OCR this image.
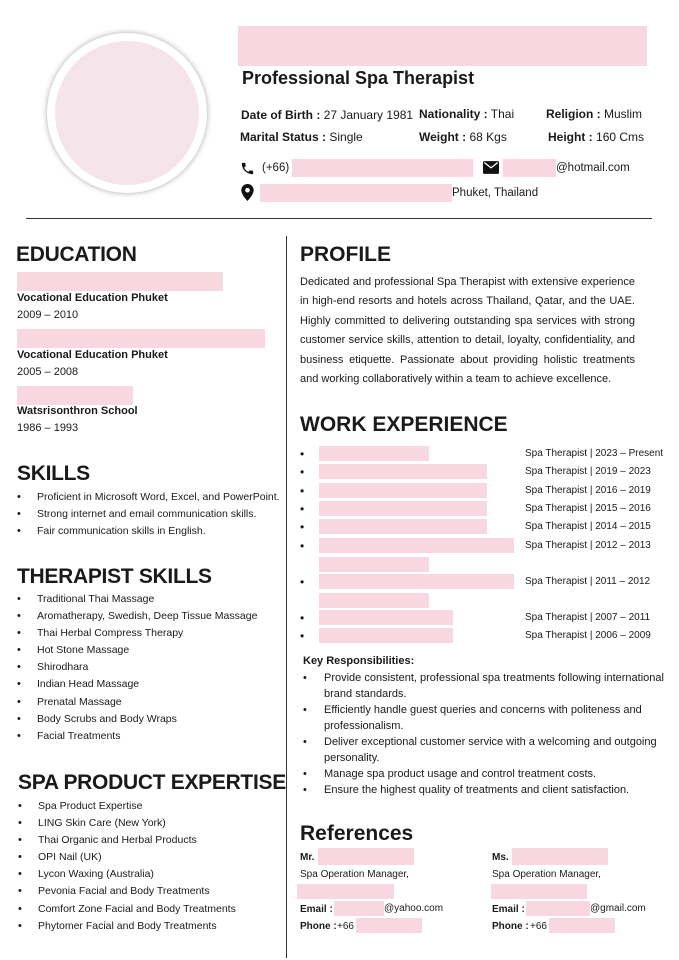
Professional Spa Therapist
Date of Birth : 27 January 1981 Nationality : Thai	Religion : Muslim
Marital Status : Single	Weight : 68 Kgs	Height : 160 Cms
(+66)	@hotmail.com
Phuket, Thailand
EDUCATION
Vocational Education Phuket
2009 – 2010
Vocational Education Phuket
2005 – 2008
Watsrisonthron School
1986 – 1993
SKILLS
• Proficient in Microsoft Word, Excel, and PowerPoint.
• Strong internet and email communication skills.
• Fair communication skills in English.
THERAPIST SKILLS
• Traditional Thai Massage
• Aromatherapy, Swedish, Deep Tissue Massage
• Thai Herbal Compress Therapy
• Hot Stone Massage
• Shirodhara
• Indian Head Massage
• Prenatal Massage
• Body Scrubs and Body Wraps
• Facial Treatments
SPA PRODUCT EXPERTISE
• Spa Product Expertise
• LING Skin Care (New York)
• Thai Organic and Herbal Products
• OPI Nail (UK)
• Lycon Waxing (Australia)
• Pevonia Facial and Body Treatments
• Comfort Zone Facial and Body Treatments
• Phytomer Facial and Body Treatments
PROFILE
Dedicated and professional Spa Therapist with extensive experience in high-end resorts and hotels across Thailand, Qatar, and the UAE. Highly committed to delivering outstanding spa services with strong customer service skills, attention to detail, loyalty, confidentiality, and business etiquette. Passionate about providing holistic treatments and working collaboratively within a team to achieve excellence.
WORK EXPERIENCE
•	Spa Therapist | 2023 – Present
•	Spa Therapist | 2019 – 2023
•	Spa Therapist | 2016 – 2019
•	Spa Therapist | 2015 – 2016
•	Spa Therapist | 2014 – 2015
•	Spa Therapist | 2012 – 2013
•	Spa Therapist | 2011 – 2012
•	Spa Therapist | 2007 – 2011
•	Spa Therapist | 2006 – 2009
Key Responsibilities:
• Provide consistent, professional spa treatments following international brand standards.
• Efficiently handle guest queries and concerns with politeness and professionalism.
• Deliver exceptional customer service with a welcoming and outgoing personality.
• Manage spa product usage and control treatment costs.
• Ensure the highest quality of treatments and client satisfaction.
References
Mr.
Spa Operation Manager,
Email :	@yahoo.com
Phone : +66
Ms.
Spa Operation Manager,
Email :	@gmail.com
Phone : +66
